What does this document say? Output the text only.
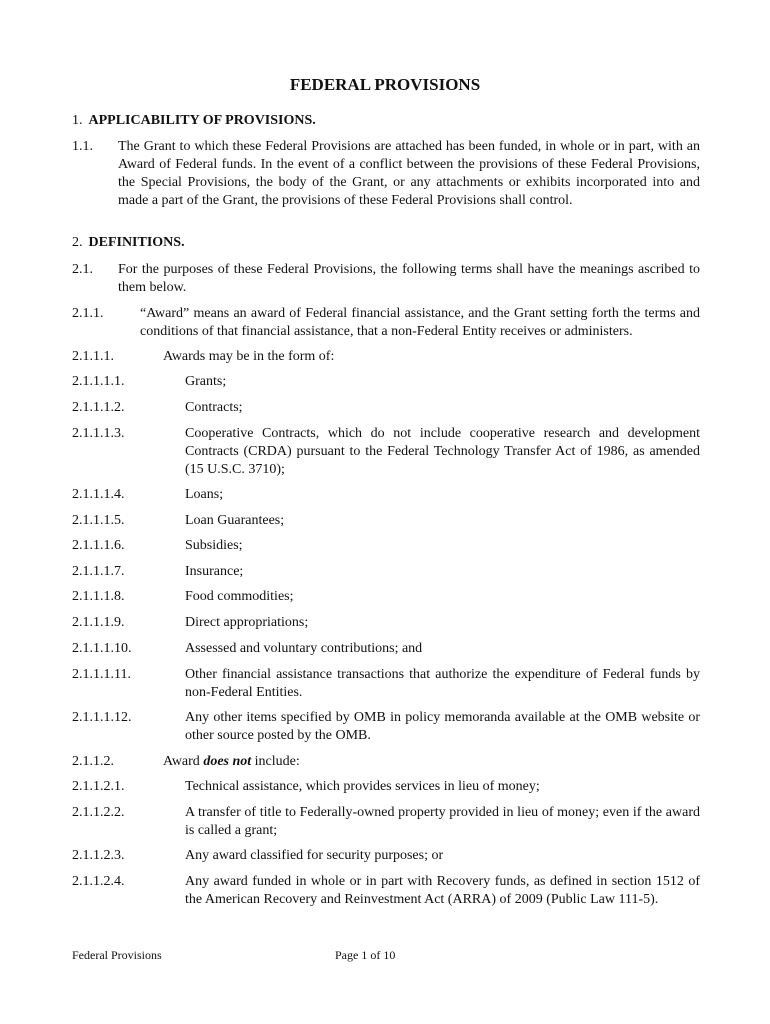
FEDERAL PROVISIONS
1. APPLICABILITY OF PROVISIONS.
1.1. The Grant to which these Federal Provisions are attached has been funded, in whole or in part, with an Award of Federal funds. In the event of a conflict between the provisions of these Federal Provisions, the Special Provisions, the body of the Grant, or any attachments or exhibits incorporated into and made a part of the Grant, the provisions of these Federal Provisions shall control.
2. DEFINITIONS.
2.1. For the purposes of these Federal Provisions, the following terms shall have the meanings ascribed to them below.
2.1.1.	“Award” means an award of Federal financial assistance, and the Grant setting forth the terms and conditions of that financial assistance, that a non-Federal Entity receives or administers.
2.1.1.1.	Awards may be in the form of:
2.1.1.1.1.	Grants;
2.1.1.1.2.	Contracts;
2.1.1.1.3.	Cooperative Contracts, which do not include cooperative research and development Contracts (CRDA) pursuant to the Federal Technology Transfer Act of 1986, as amended (15 U.S.C. 3710);
2.1.1.1.4.	Loans;
2.1.1.1.5.	Loan Guarantees;
2.1.1.1.6.	Subsidies;
2.1.1.1.7.	Insurance;
2.1.1.1.8.	Food commodities;
2.1.1.1.9.	Direct appropriations;
2.1.1.1.10.	Assessed and voluntary contributions; and
2.1.1.1.11.	Other financial assistance transactions that authorize the expenditure of Federal funds by non-Federal Entities.
2.1.1.1.12.	Any other items specified by OMB in policy memoranda available at the OMB website or other source posted by the OMB.
2.1.1.2.	Award does not include:
2.1.1.2.1.	Technical assistance, which provides services in lieu of money;
2.1.1.2.2.	A transfer of title to Federally-owned property provided in lieu of money; even if the award is called a grant;
2.1.1.2.3.	Any award classified for security purposes; or
2.1.1.2.4.	Any award funded in whole or in part with Recovery funds, as defined in section 1512 of the American Recovery and Reinvestment Act (ARRA) of 2009 (Public Law 111-5).
Federal Provisions	Page 1 of 10
